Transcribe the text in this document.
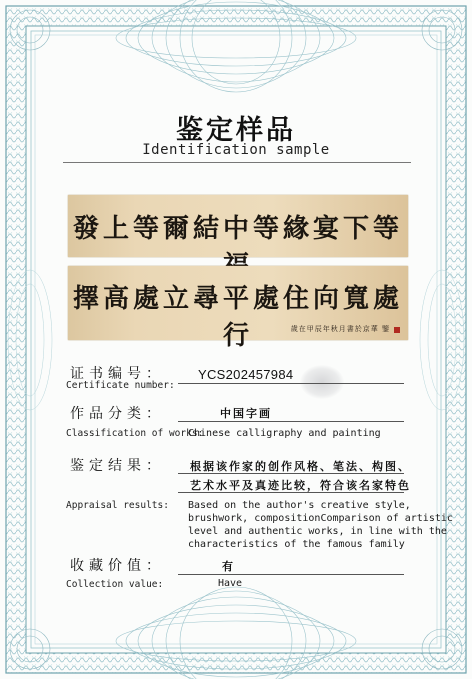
鉴定样品
Identification sample
發上等爾結中等緣宴下等
擇高處立尋平處住向寬處行	歲在甲辰年秋月書於京華 鑒
证书编号：
Certificate number:
YCS202457984
作品分类：	中国字画
Classification of works:
Chinese calligraphy and painting
鉴定结果： 根据该作家的创作风格、笔法、构图、
艺术水平及真迹比较，符合该名家特色
Appraisal results: Based on the author's creative style,
brushwork, compositionComparison of artistic
level and authentic works, in line with the
characteristics of the famous family
收藏价值：	有
Collection value:	Have
